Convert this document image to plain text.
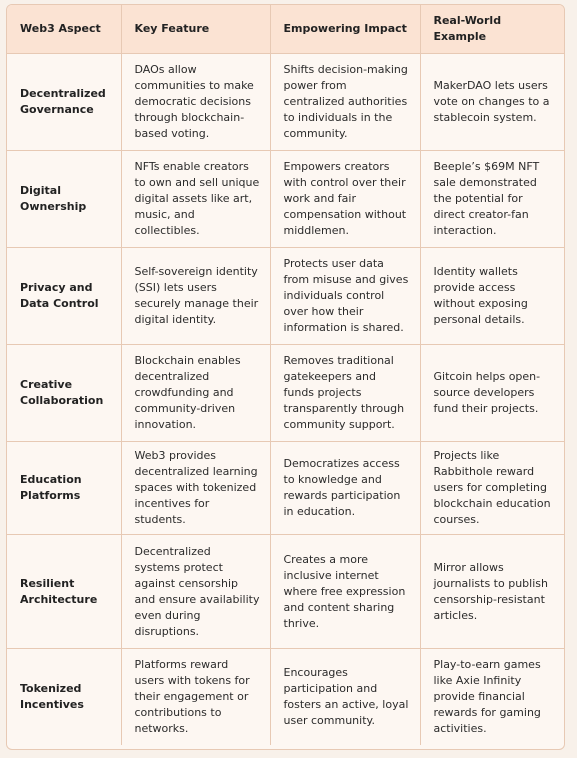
Web3 Aspect	Key Feature	Empowering Impact	Real-World Example
Decentralized Governance	DAOs allow communities to make democratic decisions through blockchain-based voting.	Shifts decision-making power from centralized authorities to individuals in the community.	MakerDAO lets users vote on changes to a stablecoin system.
Digital Ownership	NFTs enable creators to own and sell unique digital assets like art, music, and collectibles.	Empowers creators with control over their work and fair compensation without middlemen.	Beeple’s $69M NFT sale demonstrated the potential for direct creator-fan interaction.
Privacy and Data Control	Self-sovereign identity (SSI) lets users securely manage their digital identity.	Protects user data from misuse and gives individuals control over how their information is shared.	Identity wallets provide access without exposing personal details.
Creative Collaboration	Blockchain enables decentralized crowdfunding and community-driven innovation.	Removes traditional gatekeepers and funds projects transparently through community support.	Gitcoin helps open-source developers fund their projects.
Education Platforms	Web3 provides decentralized learning spaces with tokenized incentives for students.	Democratizes access to knowledge and rewards participation in education.	Projects like Rabbithole reward users for completing blockchain education courses.
Resilient Architecture	Decentralized systems protect against censorship and ensure availability even during disruptions.	Creates a more inclusive internet where free expression and content sharing thrive.	Mirror allows journalists to publish censorship-resistant articles.
Tokenized Incentives	Platforms reward users with tokens for their engagement or contributions to networks.	Encourages participation and fosters an active, loyal user community.	Play-to-earn games like Axie Infinity provide financial rewards for gaming activities.
